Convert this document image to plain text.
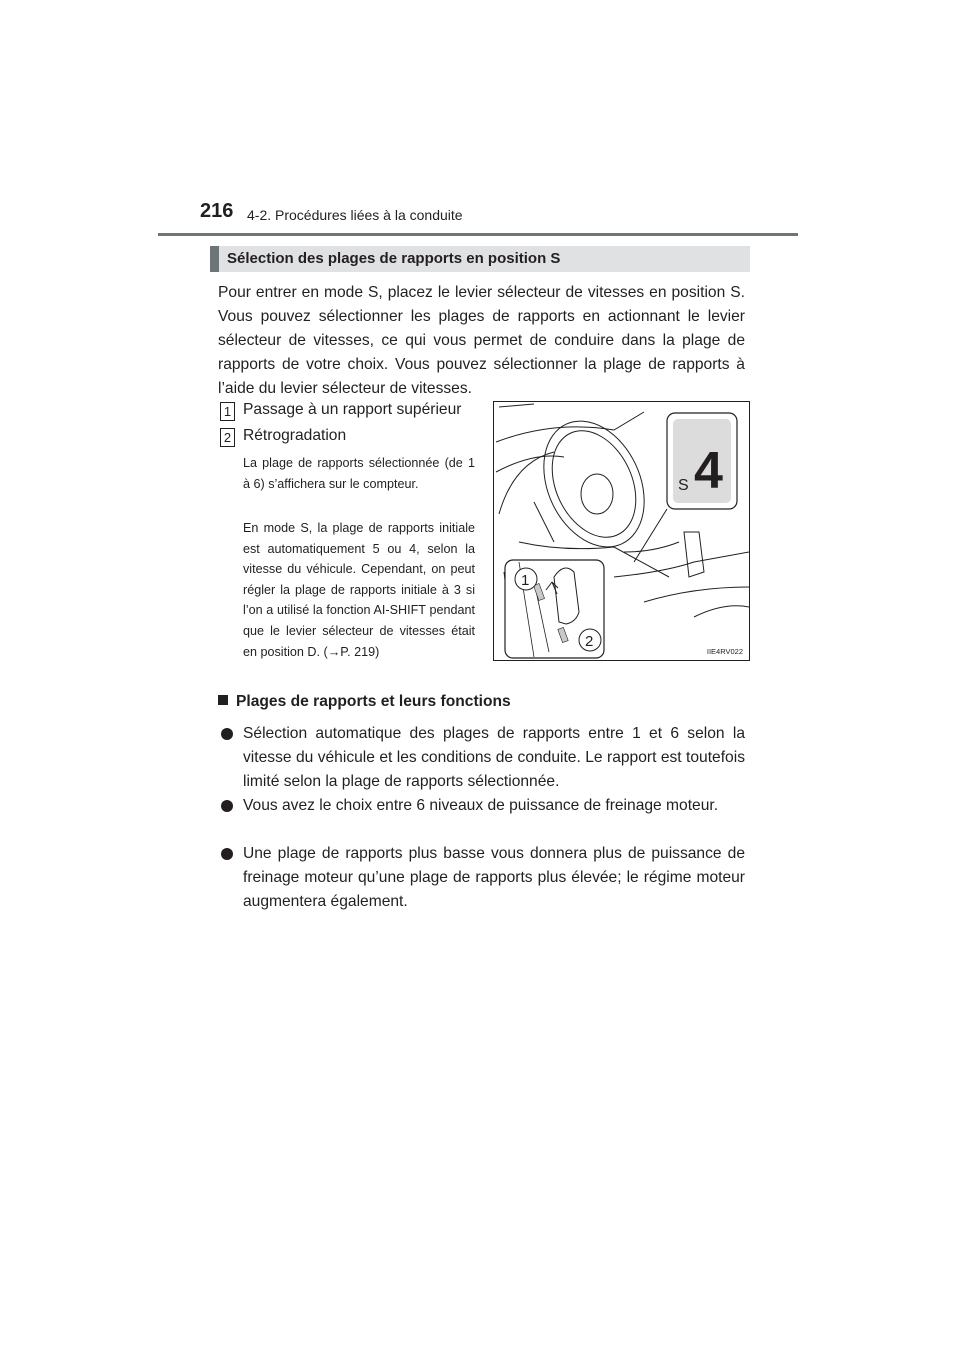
216 4-2. Procédures liées à la conduite
Sélection des plages de rapports en position S

Pour entrer en mode S, placez le levier sélecteur de vitesses en position S. Vous pouvez sélectionner les plages de rapports en actionnant le levier sélecteur de vitesses, ce qui vous permet de conduire dans la plage de rapports de votre choix. Vous pouvez sélectionner la plage de rapports à l’aide du levier sélecteur de vitesses.

1 Passage à un rapport supérieur
2 Rétrogradation

La plage de rapports sélectionnée (de 1 à 6) s’affichera sur le compteur.

En mode S, la plage de rapports initiale est automatiquement 5 ou 4, selon la vitesse du véhicule. Cependant, on peut régler la plage de rapports initiale à 3 si l’on a utilisé la fonction AI-SHIFT pendant que le levier sélecteur de vitesses était en position D. (→P. 219)

S 4
1
2
IIE4RV022
Plages de rapports et leurs fonctions

Sélection automatique des plages de rapports entre 1 et 6 selon la vitesse du véhicule et les conditions de conduite. Le rapport est toutefois limité selon la plage de rapports sélectionnée.

Vous avez le choix entre 6 niveaux de puissance de freinage moteur.

Une plage de rapports plus basse vous donnera plus de puissance de freinage moteur qu’une plage de rapports plus élevée; le régime moteur augmentera également.
